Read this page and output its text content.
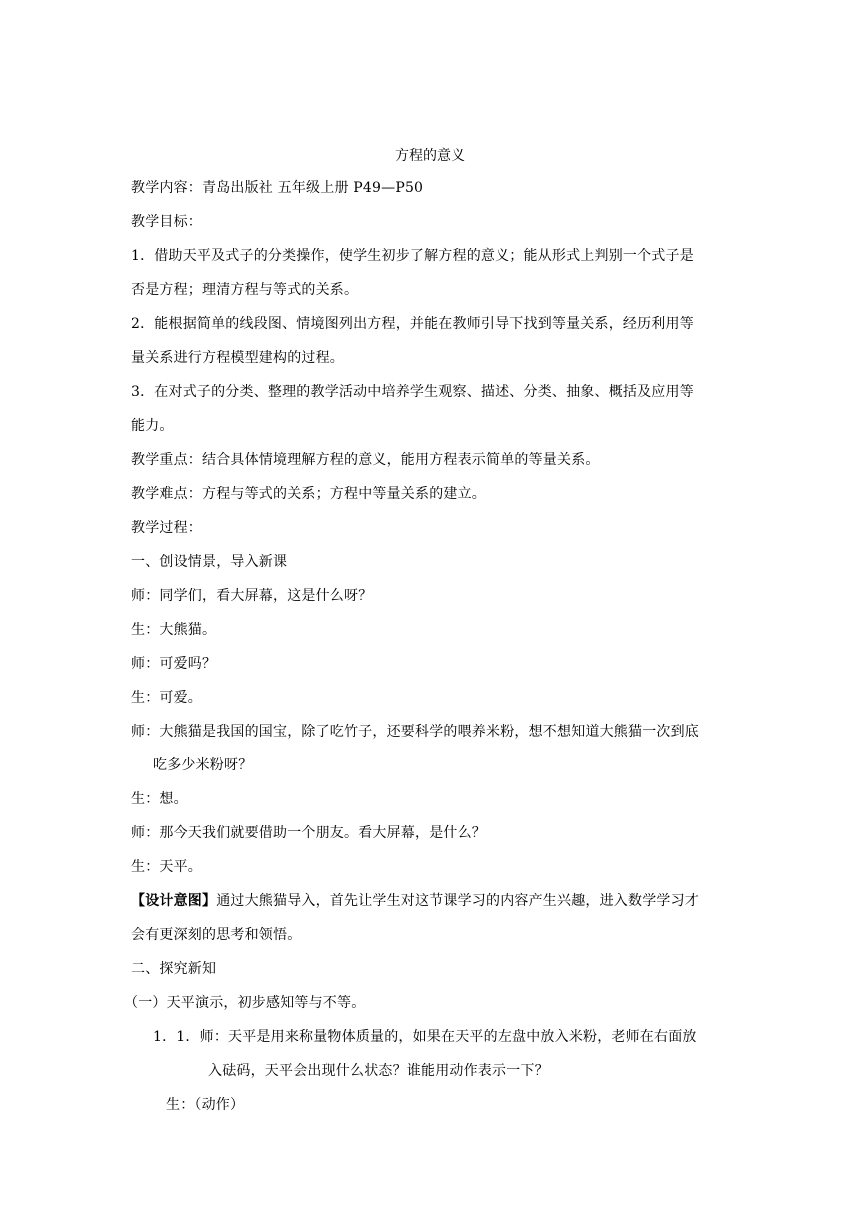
方程的意义
教学内容：青岛出版社 五年级上册 P49—P50
教学目标：
1．借助天平及式子的分类操作，使学生初步了解方程的意义；能从形式上判别一个式子是
否是方程；理清方程与等式的关系。
2．能根据简单的线段图、情境图列出方程，并能在教师引导下找到等量关系，经历利用等
量关系进行方程模型建构的过程。
3．在对式子的分类、整理的教学活动中培养学生观察、描述、分类、抽象、概括及应用等
能力。
教学重点：结合具体情境理解方程的意义，能用方程表示简单的等量关系。
教学难点：方程与等式的关系；方程中等量关系的建立。
教学过程：
一、创设情景，导入新课
师：同学们，看大屏幕，这是什么呀？
生：大熊猫。
师：可爱吗？
生：可爱。
师：大熊猫是我国的国宝，除了吃竹子，还要科学的喂养米粉，想不想知道大熊猫一次到底
吃多少米粉呀？
生：想。
师：那今天我们就要借助一个朋友。看大屏幕，是什么？
生：天平。
【设计意图】通过大熊猫导入，首先让学生对这节课学习的内容产生兴趣，进入数学学习才
会有更深刻的思考和领悟。
二、探究新知
（一）天平演示，初步感知等与不等。
1．1．师：天平是用来称量物体质量的，如果在天平的左盘中放入米粉，老师在右面放
入砝码，天平会出现什么状态？谁能用动作表示一下？
生：（动作）
